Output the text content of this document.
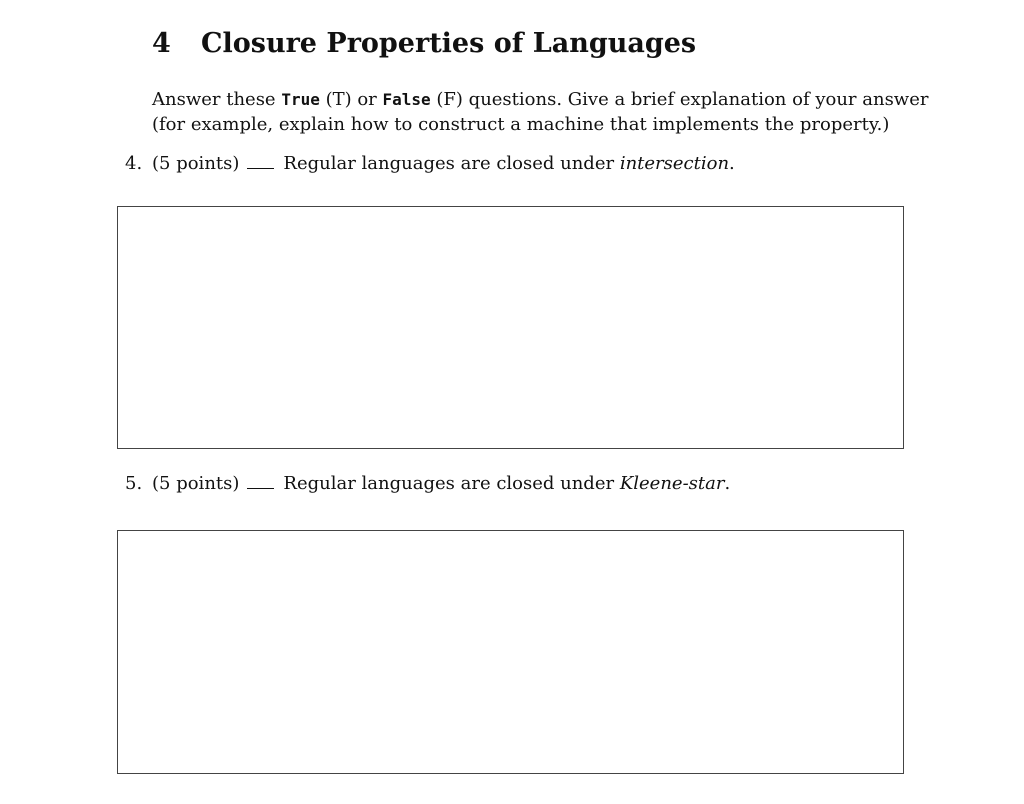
4 Closure Properties of Languages

Answer these True (T) or False (F) questions. Give a brief explanation of your answer
(for example, explain how to construct a machine that implements the property.)

4. (5 points) Regular languages are closed under intersection.
5. (5 points) Regular languages are closed under Kleene-star.
